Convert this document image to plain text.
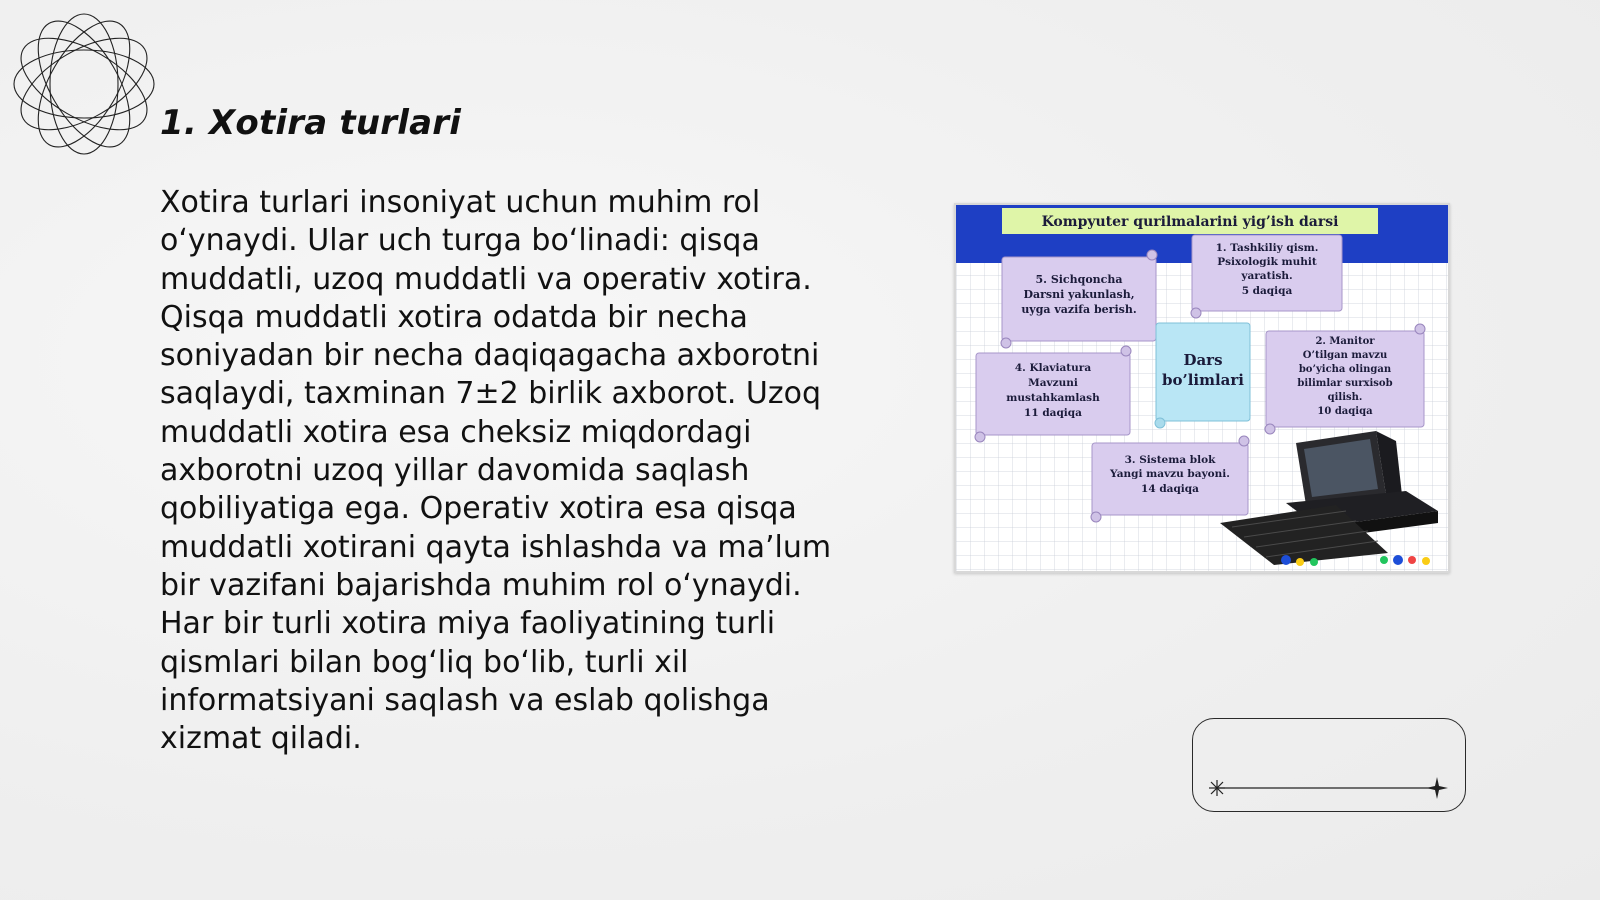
1. Xotira turlari

Xotira turlari insoniyat uchun muhim rol o‘ynaydi. Ular uch turga bo‘linadi: qisqa muddatli, uzoq muddatli va operativ xotira. Qisqa muddatli xotira odatda bir necha soniyadan bir necha daqiqagacha axborotni saqlaydi, taxminan 7±2 birlik axborot. Uzoq muddatli xotira esa cheksiz miqdordagi axborotni uzoq yillar davomida saqlash qobiliyatiga ega. Operativ xotira esa qisqa muddatli xotirani qayta ishlashda va ma’lum bir vazifani bajarishda muhim rol o‘ynaydi. Har bir turli xotira miya faoliyatining turli qismlari bilan bog‘liq bo‘lib, turli xil informatsiyani saqlash va eslab qolishga xizmat qiladi.

Kompyuter qurilmalarini yig’ish darsi
5. Sichqoncha
Darsni yakunlash,
uyga vazifa berish.
1. Tashkiliy qism.
Psixologik muhit
yaratish.
5 daqiqa
4. Klaviatura
Mavzuni
mustahkamlash
11 daqiqa
Dars
bo’limlari
2. Manitor
O’tilgan mavzu
bo’yicha olingan
bilimlar surxisob
qilish.
10 daqiqa
3. Sistema blok
Yangi mavzu bayoni.
14 daqiqa
